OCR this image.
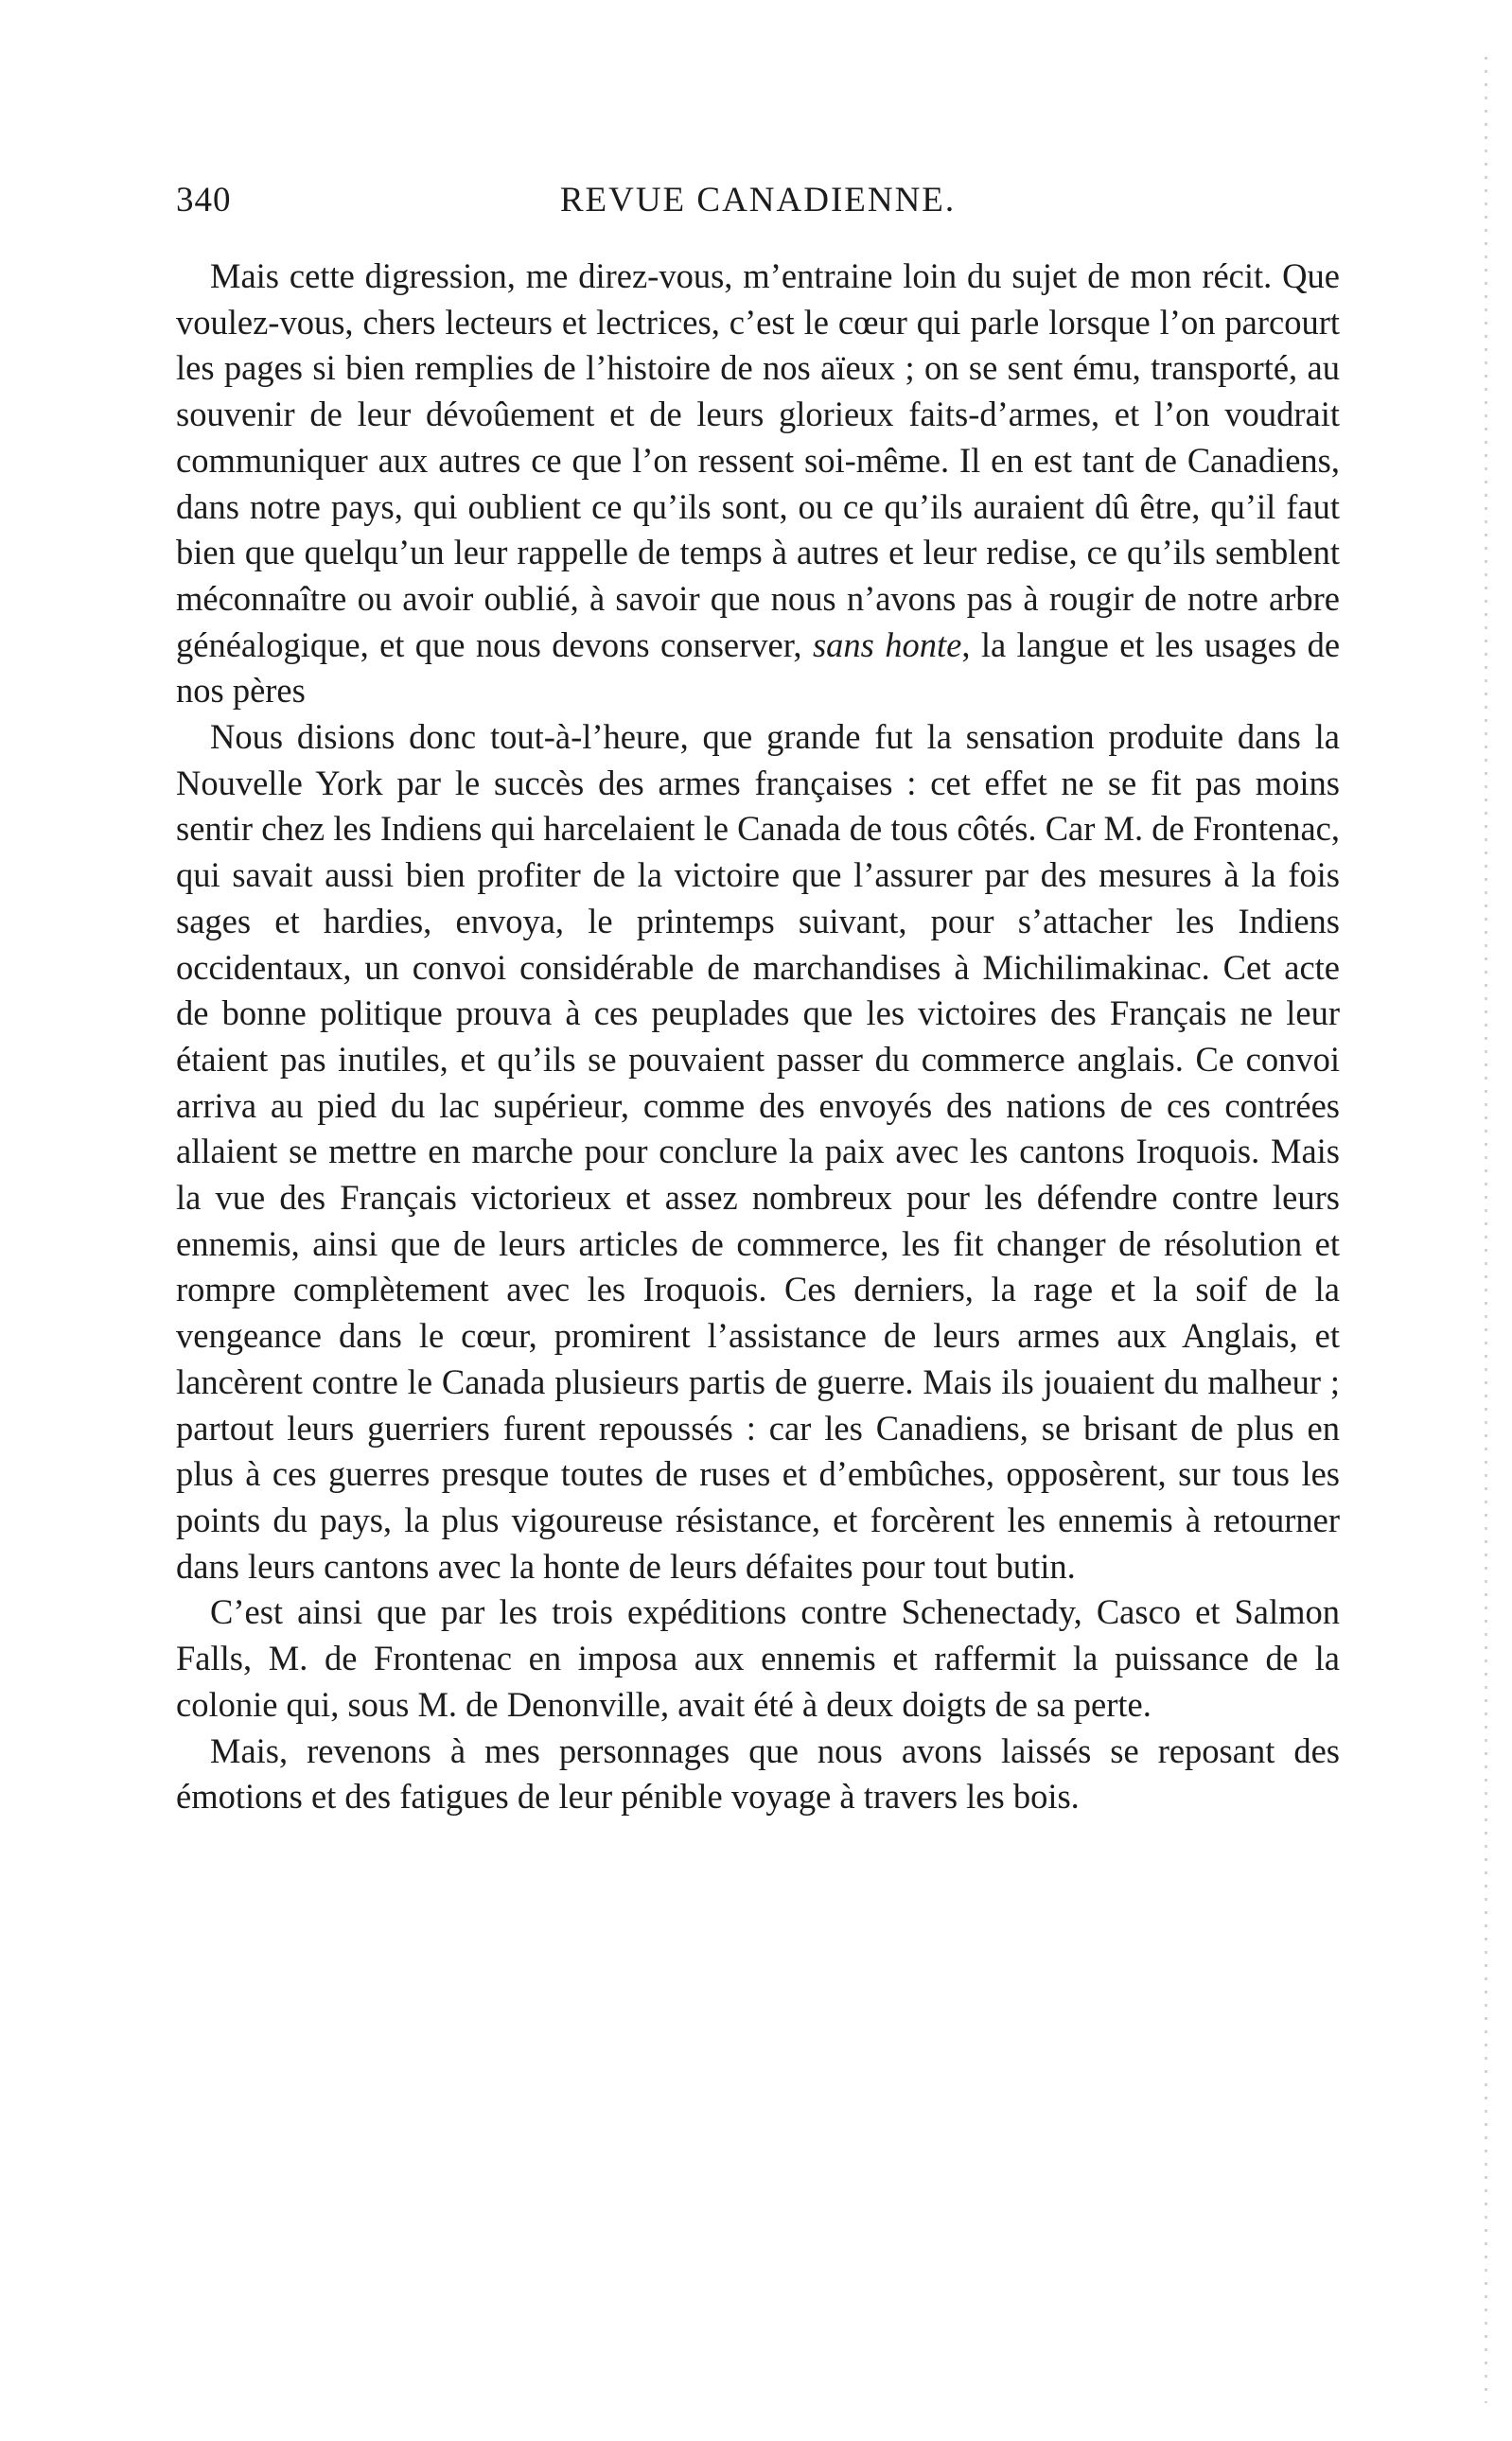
340	REVUE CANADIENNE.

Mais cette digression, me direz-vous, m’entraine loin du sujet de mon récit. Que voulez-vous, chers lecteurs et lectrices, c’est le cœur qui parle lorsque l’on parcourt les pages si bien remplies de l’histoire de nos aïeux ; on se sent ému, transporté, au souvenir de leur dévoûement et de leurs glorieux faits-d’armes, et l’on voudrait communiquer aux autres ce que l’on ressent soi-même. Il en est tant de Canadiens, dans notre pays, qui oublient ce qu’ils sont, ou ce qu’ils auraient dû être, qu’il faut bien que quelqu’un leur rappelle de temps à autres et leur redise, ce qu’ils semblent méconnaître ou avoir oublié, à savoir que nous n’avons pas à rougir de notre arbre généalogique, et que nous devons conserver, sans honte, la langue et les usages de nos pères

Nous disions donc tout-à-l’heure, que grande fut la sensation produite dans la Nouvelle York par le succès des armes françaises : cet effet ne se fit pas moins sentir chez les Indiens qui harcelaient le Canada de tous côtés. Car M. de Frontenac, qui savait aussi bien profiter de la victoire que l’assurer par des mesures à la fois sages et hardies, envoya, le printemps suivant, pour s’attacher les Indiens occidentaux, un convoi considérable de marchandises à Michilimakinac. Cet acte de bonne politique prouva à ces peuplades que les victoires des Français ne leur étaient pas inutiles, et qu’ils se pouvaient passer du commerce anglais. Ce convoi arriva au pied du lac supérieur, comme des envoyés des nations de ces contrées allaient se mettre en marche pour conclure la paix avec les cantons Iroquois. Mais la vue des Français victorieux et assez nombreux pour les défendre contre leurs ennemis, ainsi que de leurs articles de commerce, les fit changer de résolution et rompre complètement avec les Iroquois. Ces derniers, la rage et la soif de la vengeance dans le cœur, promirent l’assistance de leurs armes aux Anglais, et lancèrent contre le Canada plusieurs partis de guerre. Mais ils jouaient du malheur ; partout leurs guerriers furent repoussés : car les Canadiens, se brisant de plus en plus à ces guerres presque toutes de ruses et d’embûches, opposèrent, sur tous les points du pays, la plus vigoureuse résistance, et forcèrent les ennemis à retourner dans leurs cantons avec la honte de leurs défaites pour tout butin.

C’est ainsi que par les trois expéditions contre Schenectady, Casco et Salmon Falls, M. de Frontenac en imposa aux ennemis et raffermit la puissance de la colonie qui, sous M. de Denonville, avait été à deux doigts de sa perte.

Mais, revenons à mes personnages que nous avons laissés se reposant des émotions et des fatigues de leur pénible voyage à travers les bois.
